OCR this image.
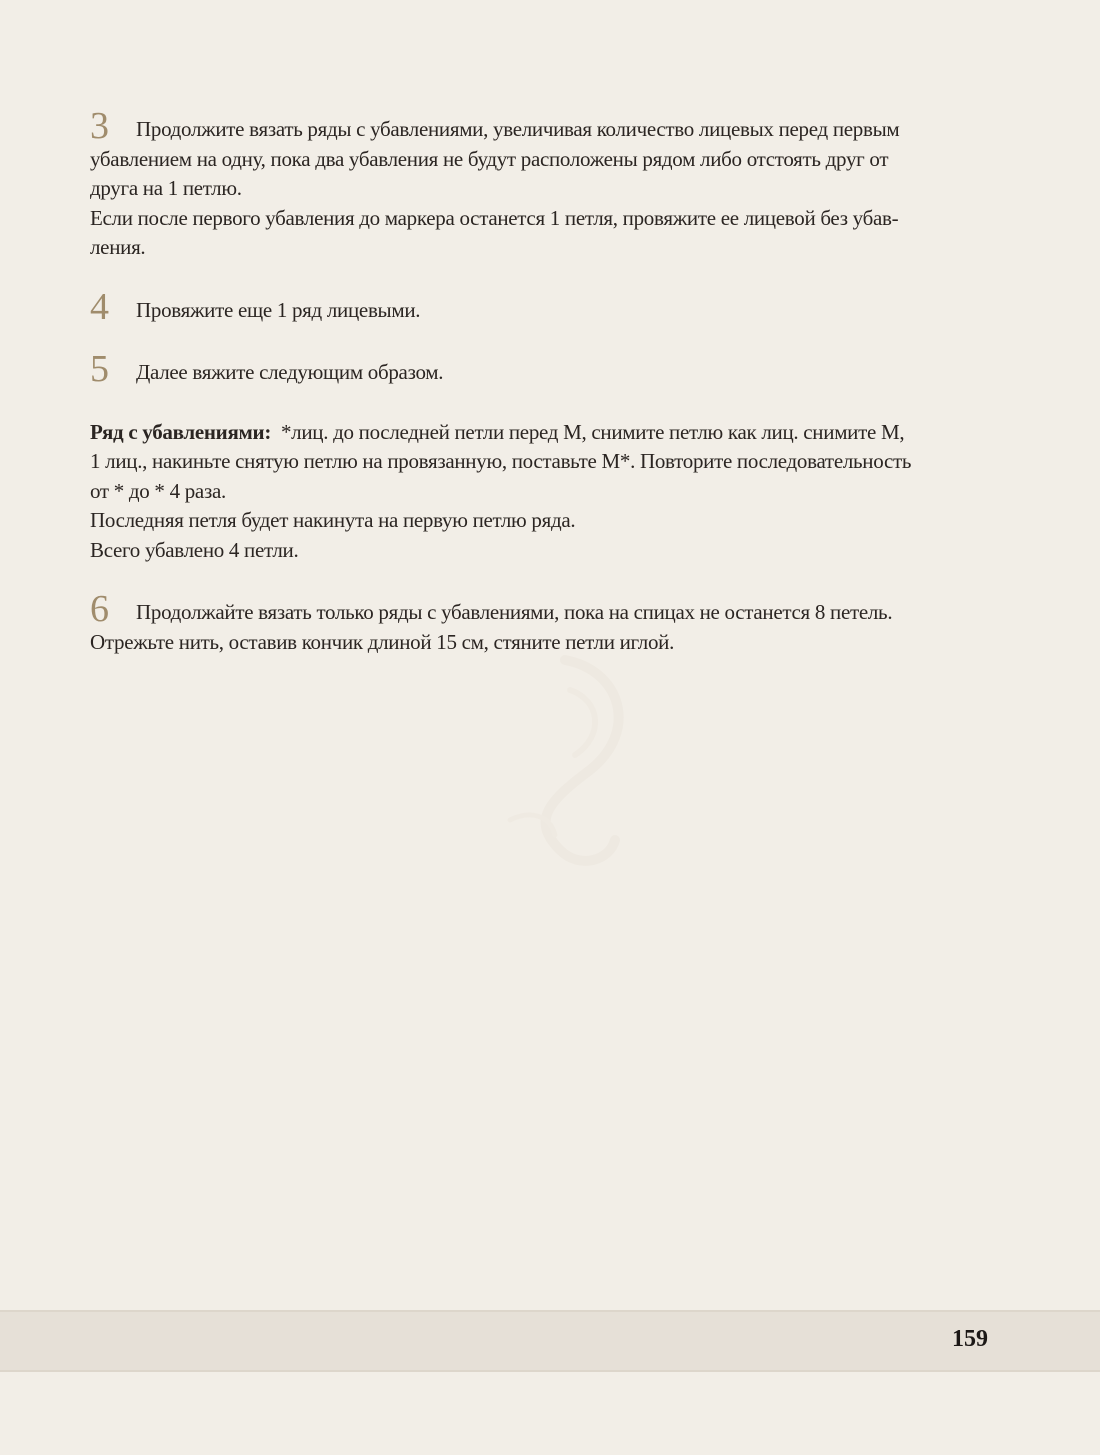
3 Продолжите вязать ряды с убавлениями, увеличивая количество лицевых перед первым

убавлением на одну, пока два убавления не будут расположены рядом либо отстоять друг от

друга на 1 петлю.

Если после первого убавления до маркера останется 1 петля, провяжите ее лицевой без убав-

ления.

4 Провяжите еще 1 ряд лицевыми.

5 Далее вяжите следующим образом.

Ряд с убавлениями: *лиц. до последней петли перед М, снимите петлю как лиц. снимите М,

1 лиц., накиньте снятую петлю на провязанную, поставьте М*. Повторите последовательность

от * до * 4 раза.

Последняя петля будет накинута на первую петлю ряда.

Всего убавлено 4 петли.

6 Продолжайте вязать только ряды с убавлениями, пока на спицах не останется 8 петель.

Отрежьте нить, оставив кончик длиной 15 см, стяните петли иглой.

159
